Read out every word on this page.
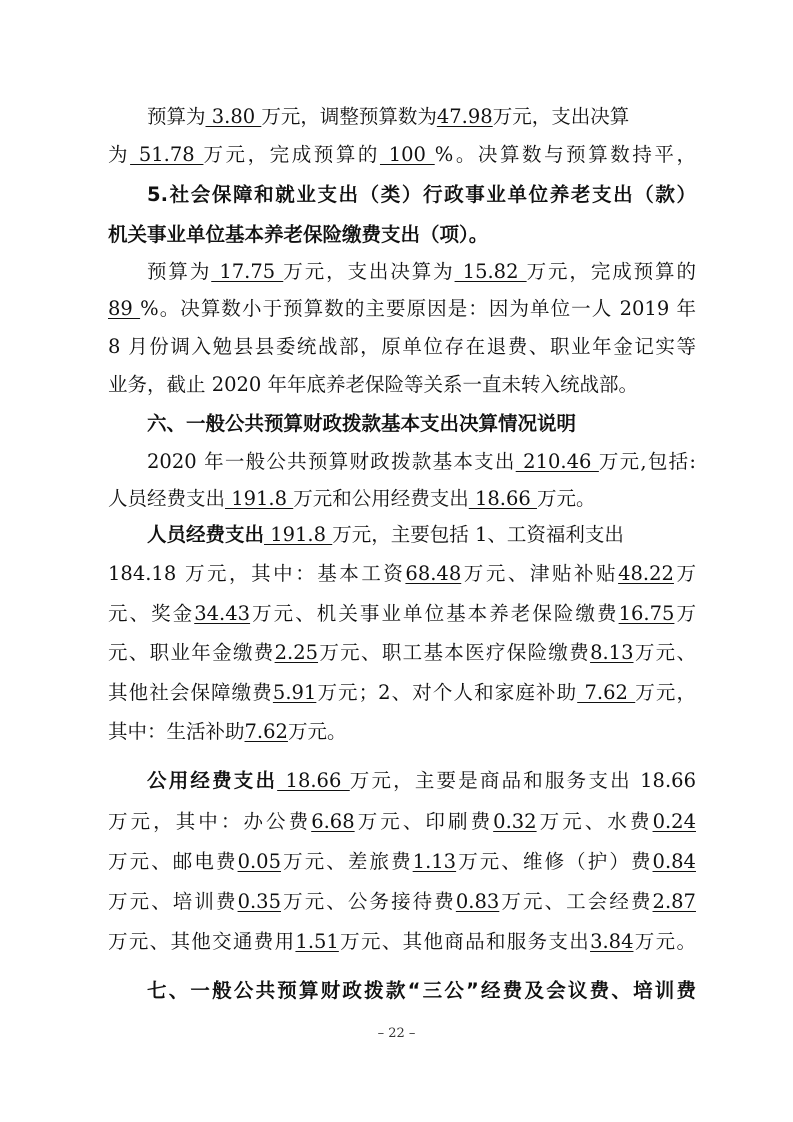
预算为 3.80 万元，调整预算数为47.98万元，支出决算
为 51.78 万元，完成预算的 100 %。决算数与预算数持平，
5.社会保障和就业支出（类）行政事业单位养老支出（款）
机关事业单位基本养老保险缴费支出（项）。
预算为 17.75 万元，支出决算为 15.82 万元，完成预算的
89 %。决算数小于预算数的主要原因是：因为单位一人 2019 年
8 月份调入勉县县委统战部，原单位存在退费、职业年金记实等
业务，截止 2020 年年底养老保险等关系一直未转入统战部。
六、一般公共预算财政拨款基本支出决算情况说明
2020 年一般公共预算财政拨款基本支出 210.46 万元,包括:
人员经费支出 191.8 万元和公用经费支出 18.66 万元。
人员经费支出 191.8 万元，主要包括 1、工资福利支出
184.18 万元，其中：基本工资68.48万元、津贴补贴48.22万
元、奖金34.43万元、机关事业单位基本养老保险缴费16.75万
元、职业年金缴费2.25万元、职工基本医疗保险缴费8.13万元、
其他社会保障缴费5.91万元；2、对个人和家庭补助 7.62 万元，
其中：生活补助7.62万元。
公用经费支出 18.66 万元，主要是商品和服务支出 18.66
万元，其中：办公费6.68万元、印刷费0.32万元、水费0.24
万元、邮电费0.05万元、差旅费1.13万元、维修（护）费0.84
万元、培训费0.35万元、公务接待费0.83万元、工会经费2.87
万元、其他交通费用1.51万元、其他商品和服务支出3.84万元。
七、一般公共预算财政拨款“三公”经费及会议费、培训费
– 22 –
